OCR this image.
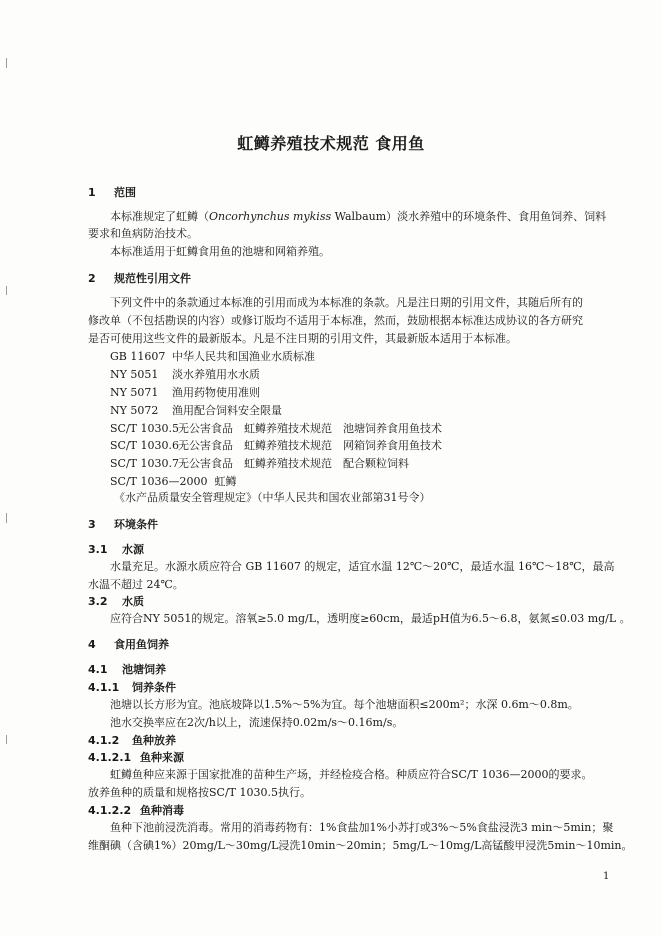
虹鳟养殖技术规范 食用鱼
1 范围
本标准规定了虹鳟（Oncorhynchus mykiss Walbaum）淡水养殖中的环境条件、食用鱼饲养、饲料
要求和鱼病防治技术。
本标准适用于虹鳟食用鱼的池塘和网箱养殖。
2 规范性引用文件
下列文件中的条款通过本标准的引用而成为本标准的条款。凡是注日期的引用文件，其随后所有的
修改单（不包括勘误的内容）或修订版均不适用于本标准，然而，鼓励根据本标准达成协议的各方研究
是否可使用这些文件的最新版本。凡是不注日期的引用文件，其最新版本适用于本标准。
GB 11607 中华人民共和国渔业水质标准
NY 5051 淡水养殖用水水质
NY 5071 渔用药物使用准则
NY 5072 渔用配合饲料安全限量
SC/T 1030.5无公害食品　虹鳟养殖技术规范　池塘饲养食用鱼技术
SC/T 1030.6无公害食品　虹鳟养殖技术规范　网箱饲养食用鱼技术
SC/T 1030.7无公害食品　虹鳟养殖技术规范　配合颗粒饲料
SC/T 1036—2000 虹鳟
《水产品质量安全管理规定》（中华人民共和国农业部第31号令）
3 环境条件
3.1 水源
水量充足。水源水质应符合 GB 11607 的规定，适宜水温 12℃～20℃，最适水温 16℃～18℃，最高
水温不超过 24℃。
3.2 水质
应符合NY 5051的规定。溶氧≥5.0 mg/L，透明度≥60cm，最适pH值为6.5～6.8，氨氮≤0.03 mg/L 。
4 食用鱼饲养
4.1 池塘饲养
4.1.1 饲养条件
池塘以长方形为宜。池底坡降以1.5%～5%为宜。每个池塘面积≤200m²；水深 0.6m～0.8m。
池水交换率应在2次/h以上，流速保持0.02m/s～0.16m/s。
4.1.2 鱼种放养
4.1.2.1 鱼种来源
虹鳟鱼种应来源于国家批准的苗种生产场，并经检疫合格。种质应符合SC/T 1036—2000的要求。
放养鱼种的质量和规格按SC/T 1030.5执行。
4.1.2.2 鱼种消毒
鱼种下池前浸洗消毒。常用的消毒药物有：1%食盐加1%小苏打或3%～5%食盐浸洗3 min～5min；聚
维酮碘（含碘1%）20mg/L～30mg/L浸洗10min～20min；5mg/L～10mg/L高锰酸甲浸洗5min～10min。
1
